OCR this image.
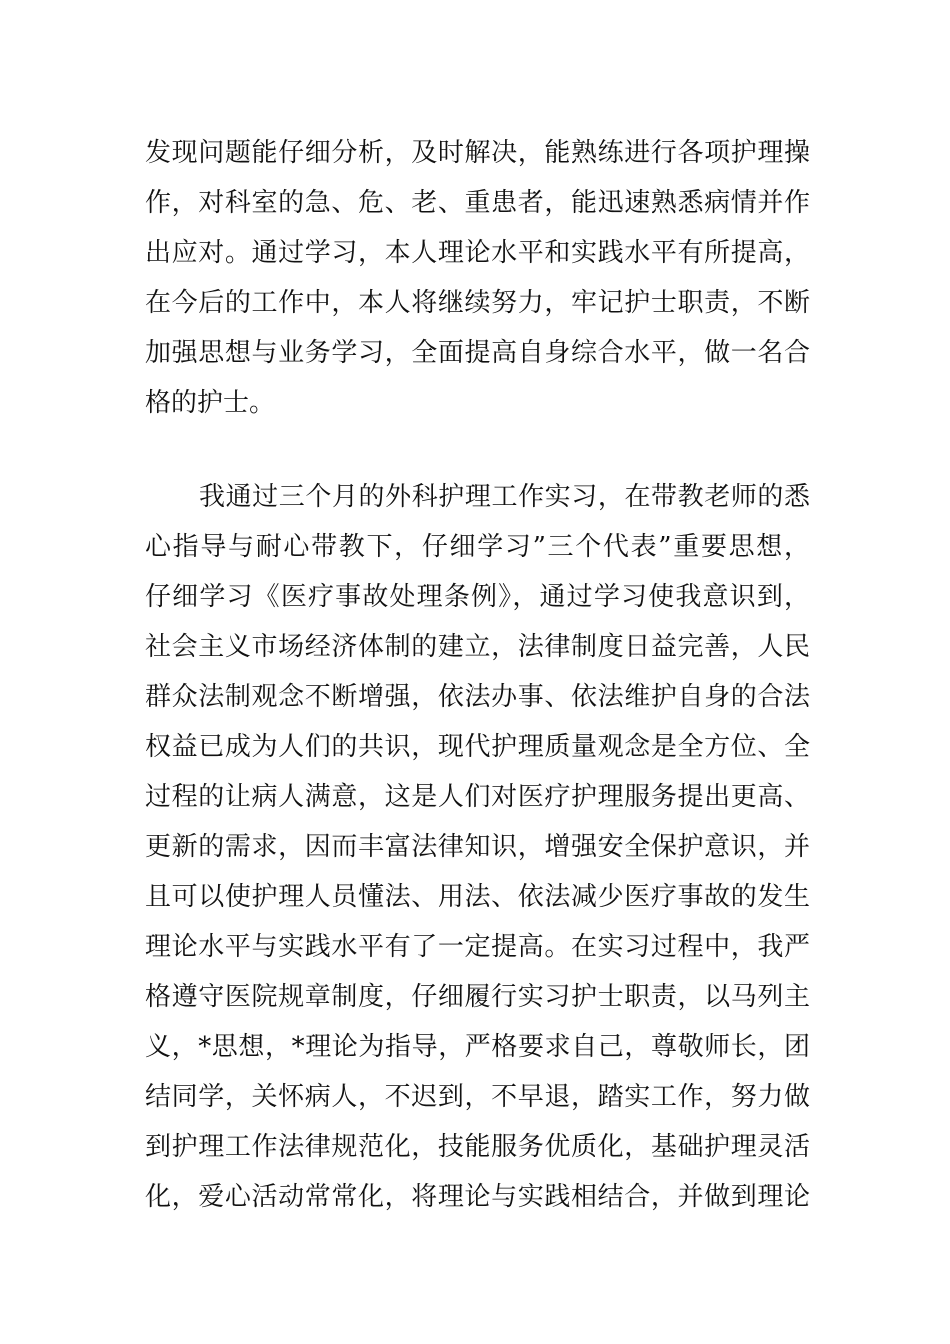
发现问题能仔细分析，及时解决，能熟练进行各项护理操
作，对科室的急、危、老、重患者，能迅速熟悉病情并作
出应对。通过学习，本人理论水平和实践水平有所提高，
在今后的工作中，本人将继续努力，牢记护士职责，不断
加强思想与业务学习，全面提高自身综合水平，做一名合
格的护士。
我通过三个月的外科护理工作实习，在带教老师的悉
心指导与耐心带教下，仔细学习”三个代表”重要思想，
仔细学习《医疗事故处理条例》，通过学习使我意识到，
社会主义市场经济体制的建立，法律制度日益完善，人民
群众法制观念不断增强，依法办事、依法维护自身的合法
权益已成为人们的共识，现代护理质量观念是全方位、全
过程的让病人满意，这是人们对医疗护理服务提出更高、
更新的需求，因而丰富法律知识，增强安全保护意识，并
且可以使护理人员懂法、用法、依法减少医疗事故的发生
理论水平与实践水平有了一定提高。在实习过程中，我严
格遵守医院规章制度，仔细履行实习护士职责，以马列主
义，*思想，*理论为指导，严格要求自己，尊敬师长，团
结同学，关怀病人，不迟到，不早退，踏实工作，努力做
到护理工作法律规范化，技能服务优质化，基础护理灵活
化，爱心活动常常化，将理论与实践相结合，并做到理论
